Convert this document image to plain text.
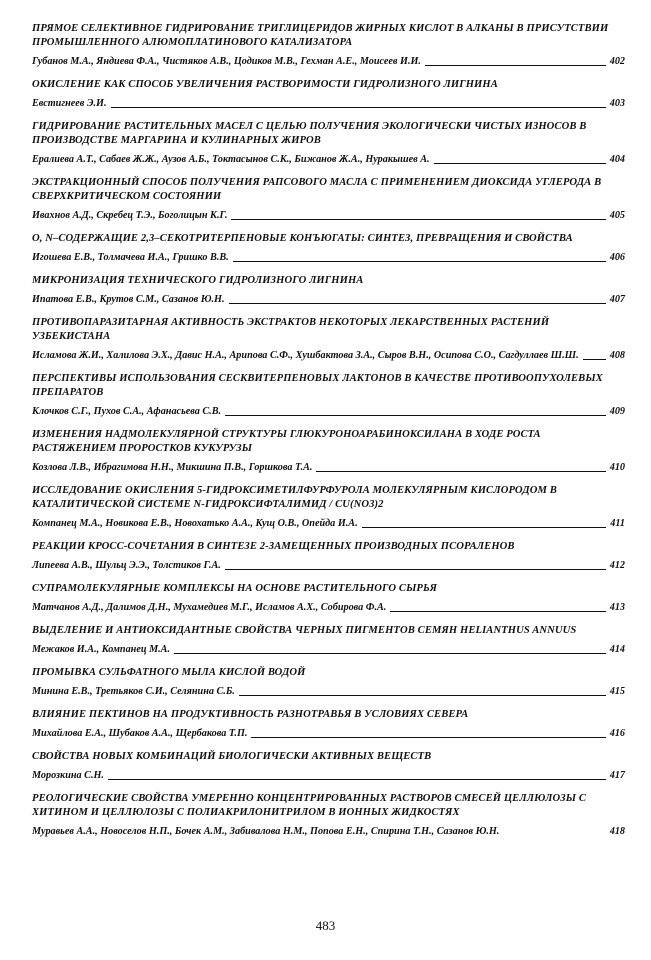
ПРЯМОЕ СЕЛЕКТИВНОЕ ГИДРИРОВАНИЕ ТРИГЛИЦЕРИДОВ ЖИРНЫХ КИСЛОТ В АЛКАНЫ В ПРИСУТСТВИИ ПРОМЫШЛЕННОГО АЛЮМОПЛАТИНОВОГО КАТАЛИЗАТОРА
Губанов М.А., Яндиева Ф.А., Чистяков А.В., Цодиков М.В., Гехман А.Е., Моисеев И.И.	402
ОКИСЛЕНИЕ КАК СПОСОБ УВЕЛИЧЕНИЯ РАСТВОРИМОСТИ ГИДРОЛИЗНОГО ЛИГНИНА
Евстигнеев Э.И.	403
ГИДРИРОВАНИЕ РАСТИТЕЛЬНЫХ МАСЕЛ С ЦЕЛЬЮ ПОЛУЧЕНИЯ ЭКОЛОГИЧЕСКИ ЧИСТЫХ ИЗНОСОВ В ПРОИЗВОДСТВЕ МАРГАРИНА И КУЛИНАРНЫХ ЖИРОВ
Ералиева А.Т., Сабаев Ж.Ж., Аузов А.Б., Токтасынов С.К., Бижанов Ж.А., Нуракышев А.	404
ЭКСТРАКЦИОННЫЙ СПОСОБ ПОЛУЧЕНИЯ РАПСОВОГО МАСЛА С ПРИМЕНЕНИЕМ ДИОКСИДА УГЛЕРОДА В СВЕРХКРИТИЧЕСКОМ СОСТОЯНИИ
Ивахнов А.Д., Скребец Т.Э., Боголицын К.Г.	405
О, N–СОДЕРЖАЩИЕ 2,3–СЕКОТРИТЕРПЕНОВЫЕ КОНЪЮГАТЫ: СИНТЕЗ, ПРЕВРАЩЕНИЯ И СВОЙСТВА
Игошева Е.В., Толмачева И.А., Гришко В.В.	406
МИКРОНИЗАЦИЯ ТЕХНИЧЕСКОГО ГИДРОЛИЗНОГО ЛИГНИНА
Ипатова Е.В., Крутов С.М., Сазанов Ю.Н.	407
ПРОТИВОПАРАЗИТАРНАЯ АКТИВНОСТЬ ЭКСТРАКТОВ НЕКОТОРЫХ ЛЕКАРСТВЕННЫХ РАСТЕНИЙ УЗБЕКИСТАНА
Исламова Ж.И., Халилова Э.Х., Давис Н.А., Арипова С.Ф., Хушбактова З.А., Сыров В.Н., Осипова С.О., Сагдуллаев Ш.Ш.	408
ПЕРСПЕКТИВЫ ИСПОЛЬЗОВАНИЯ СЕСКВИТЕРПЕНОВЫХ ЛАКТОНОВ В КАЧЕСТВЕ ПРОТИВООПУХОЛЕВЫХ ПРЕПАРАТОВ
Клочков С.Г., Пухов С.А., Афанасьева С.В.	409
ИЗМЕНЕНИЯ НАДМОЛЕКУЛЯРНОЙ СТРУКТУРЫ ГЛЮКУРОНОАРАБИНОКСИЛАНА В ХОДЕ РОСТА РАСТЯЖЕНИЕМ ПРОРОСТКОВ КУКУРУЗЫ
Козлова Л.В., Ибрагимова Н.Н., Микшина П.В., Горшкова Т.А.	410
ИССЛЕДОВАНИЕ ОКИСЛЕНИЯ 5-ГИДРОКСИМЕТИЛФУРФУРОЛА МОЛЕКУЛЯРНЫМ КИСЛОРОДОМ В КАТАЛИТИЧЕСКОЙ СИСТЕМЕ N-ГИДРОКСИФТАЛИМИД / CU(NO3)2
Компанец М.А., Новикова Е.В., Новохатько А.А., Кущ О.В., Опейда И.А.	411
РЕАКЦИИ КРОСС-СОЧЕТАНИЯ В СИНТЕЗЕ 2-ЗАМЕЩЕННЫХ ПРОИЗВОДНЫХ ПСОРАЛЕНОВ
Липеева А.В., Шульц Э.Э., Толстиков Г.А.	412
СУПРАМОЛЕКУЛЯРНЫЕ КОМПЛЕКСЫ НА ОСНОВЕ РАСТИТЕЛЬНОГО СЫРЬЯ
Матчанов А.Д., Далимов Д.Н., Мухамедиев М.Г., Исламов А.Х., Собирова Ф.А.	413
ВЫДЕЛЕНИЕ И АНТИОКСИДАНТНЫЕ СВОЙСТВА ЧЕРНЫХ ПИГМЕНТОВ СЕМЯН HELIANTHUS ANNUUS
Межаков И.А., Компанец М.А.	414
ПРОМЫВКА СУЛЬФАТНОГО МЫЛА КИСЛОЙ ВОДОЙ
Минина Е.В., Третьяков С.И., Селянина С.Б.	415
ВЛИЯНИЕ ПЕКТИНОВ НА ПРОДУКТИВНОСТЬ РАЗНОТРАВЬЯ В УСЛОВИЯХ СЕВЕРА
Михайлова Е.А., Шубаков А.А., Щербакова Т.П.	416
СВОЙСТВА НОВЫХ КОМБИНАЦИЙ БИОЛОГИЧЕСКИ АКТИВНЫХ ВЕЩЕСТВ
Морозкина С.Н.	417
РЕОЛОГИЧЕСКИЕ СВОЙСТВА УМЕРЕННО КОНЦЕНТРИРОВАННЫХ РАСТВОРОВ СМЕСЕЙ ЦЕЛЛЮЛОЗЫ С ХИТИНОМ И ЦЕЛЛЮЛОЗЫ С ПОЛИАКРИЛОНИТРИЛОМ В ИОННЫХ ЖИДКОСТЯХ
Муравьев А.А., Новоселов Н.П., Бочек А.М., Забивалова Н.М., Попова Е.Н., Спирина Т.Н., Сазанов Ю.Н.	418
483
